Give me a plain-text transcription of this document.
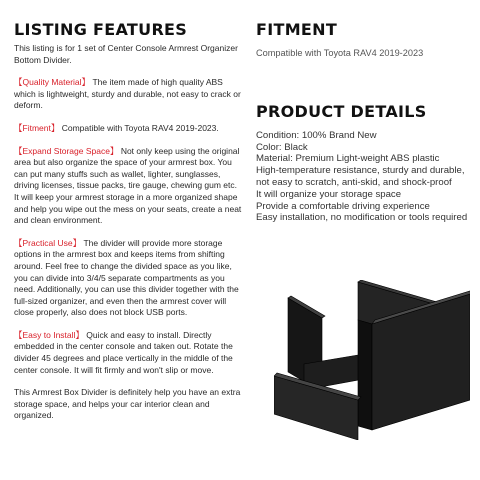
LISTING FEATURES

This listing is for 1 set of Center Console Armrest Organizer Bottom Divider.

【Quality Material】 The item made of high quality ABS which is lightweight, sturdy and durable, not easy to crack or deform.

【Fitment】 Compatible with Toyota RAV4 2019-2023.

【Expand Storage Space】 Not only keep using the original area but also organize the space of your armrest box. You can put many stuffs such as wallet, lighter, sunglasses, driving licenses, tissue packs, tire gauge, chewing gum etc. It will keep your armrest storage in a more organized shape and help you wipe out the mess on your seats, create a neat and clean environment.

【Practical Use】 The divider will provide more storage options in the armrest box and keeps items from shifting around. Feel free to change the divided space as you like, you can divide into 3/4/5 separate compartments as you need. Additionally, you can use this divider together with the full-sized organizer, and even then the armrest cover will close properly, also does not block USB ports.

【Easy to Install】 Quick and easy to install. Directly embedded in the center console and taken out. Rotate the divider 45 degrees and place vertically in the middle of the center console. It will fit firmly and won't slip or move.

This Armrest Box Divider is definitely help you have an extra storage space, and helps your car interior clean and organized.

FITMENT

Compatible with Toyota RAV4 2019-2023

PRODUCT DETAILS

Condition: 100% Brand New

Color: Black

Material: Premium Light-weight ABS plastic

High-temperature resistance, sturdy and durable, not easy to scratch, anti-skid, and shock-proof

It will organize your storage space

Provide a comfortable driving experience

Easy installation, no modification or tools required
